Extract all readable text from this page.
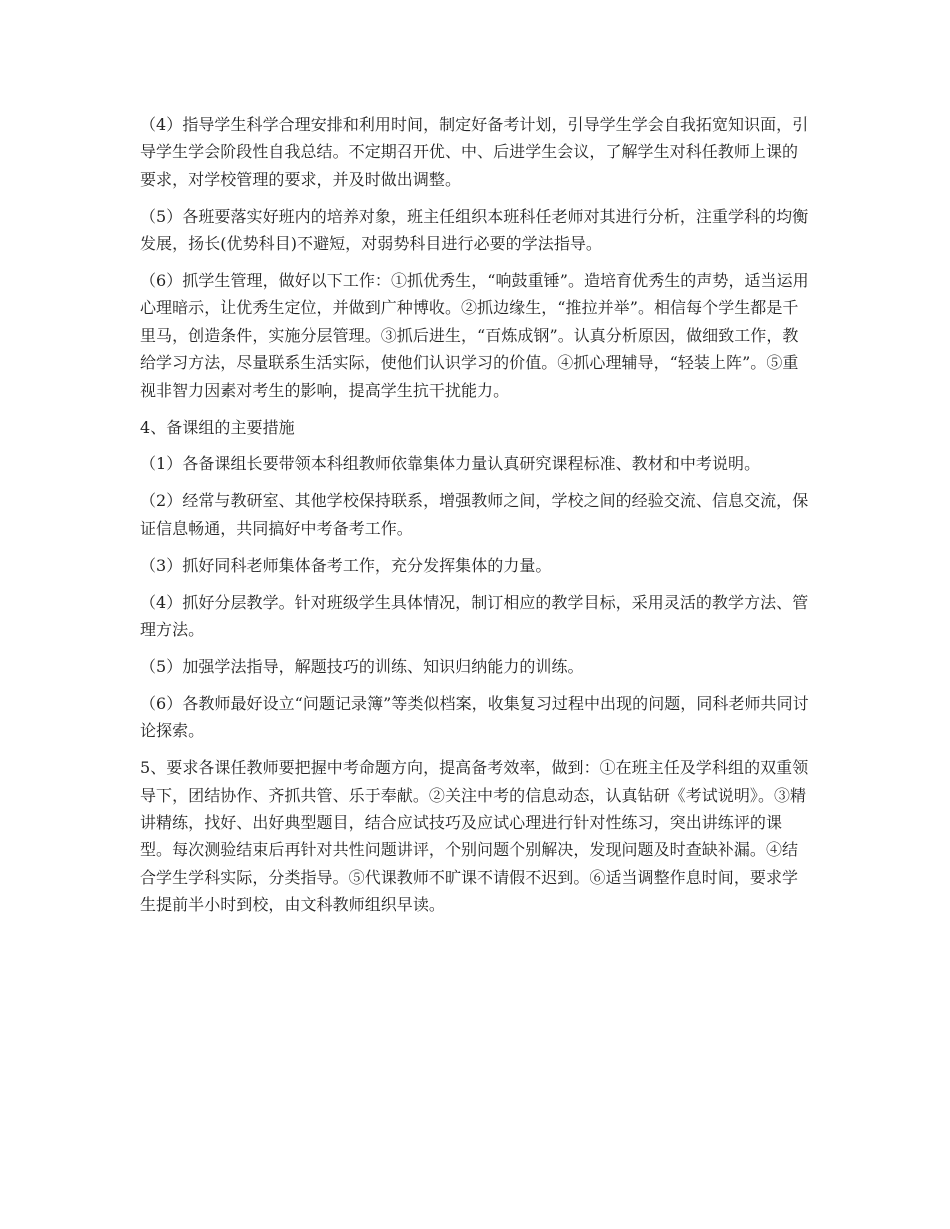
（4）指导学生科学合理安排和利用时间，制定好备考计划，引导学生学会自我拓宽知识面，引导学生学会阶段性自我总结。不定期召开优、中、后进学生会议，了解学生对科任教师上课的要求，对学校管理的要求，并及时做出调整。

（5）各班要落实好班内的培养对象，班主任组织本班科任老师对其进行分析，注重学科的均衡发展，扬长(优势科目)不避短，对弱势科目进行必要的学法指导。

（6）抓学生管理，做好以下工作：①抓优秀生，“响鼓重锤”。造培育优秀生的声势，适当运用心理暗示，让优秀生定位，并做到广种博收。②抓边缘生，“推拉并举”。相信每个学生都是千里马，创造条件，实施分层管理。③抓后进生，“百炼成钢”。认真分析原因，做细致工作，教给学习方法，尽量联系生活实际，使他们认识学习的价值。④抓心理辅导，“轻装上阵”。⑤重视非智力因素对考生的影响，提高学生抗干扰能力。

4、备课组的主要措施

（1）各备课组长要带领本科组教师依靠集体力量认真研究课程标准、教材和中考说明。

（2）经常与教研室、其他学校保持联系，增强教师之间，学校之间的经验交流、信息交流，保证信息畅通，共同搞好中考备考工作。

（3）抓好同科老师集体备考工作，充分发挥集体的力量。

（4）抓好分层教学。针对班级学生具体情况，制订相应的教学目标，采用灵活的教学方法、管理方法。

（5）加强学法指导，解题技巧的训练、知识归纳能力的训练。

（6）各教师最好设立“问题记录簿”等类似档案，收集复习过程中出现的问题，同科老师共同讨论探索。

5、要求各课任教师要把握中考命题方向，提高备考效率，做到：①在班主任及学科组的双重领导下，团结协作、齐抓共管、乐于奉献。②关注中考的信息动态，认真钻研《考试说明》。③精讲精练，找好、出好典型题目，结合应试技巧及应试心理进行针对性练习，突出讲练评的课型。每次测验结束后再针对共性问题讲评，个别问题个别解决，发现问题及时查缺补漏。④结合学生学科实际，分类指导。⑤代课教师不旷课不请假不迟到。⑥适当调整作息时间，要求学生提前半小时到校，由文科教师组织早读。
